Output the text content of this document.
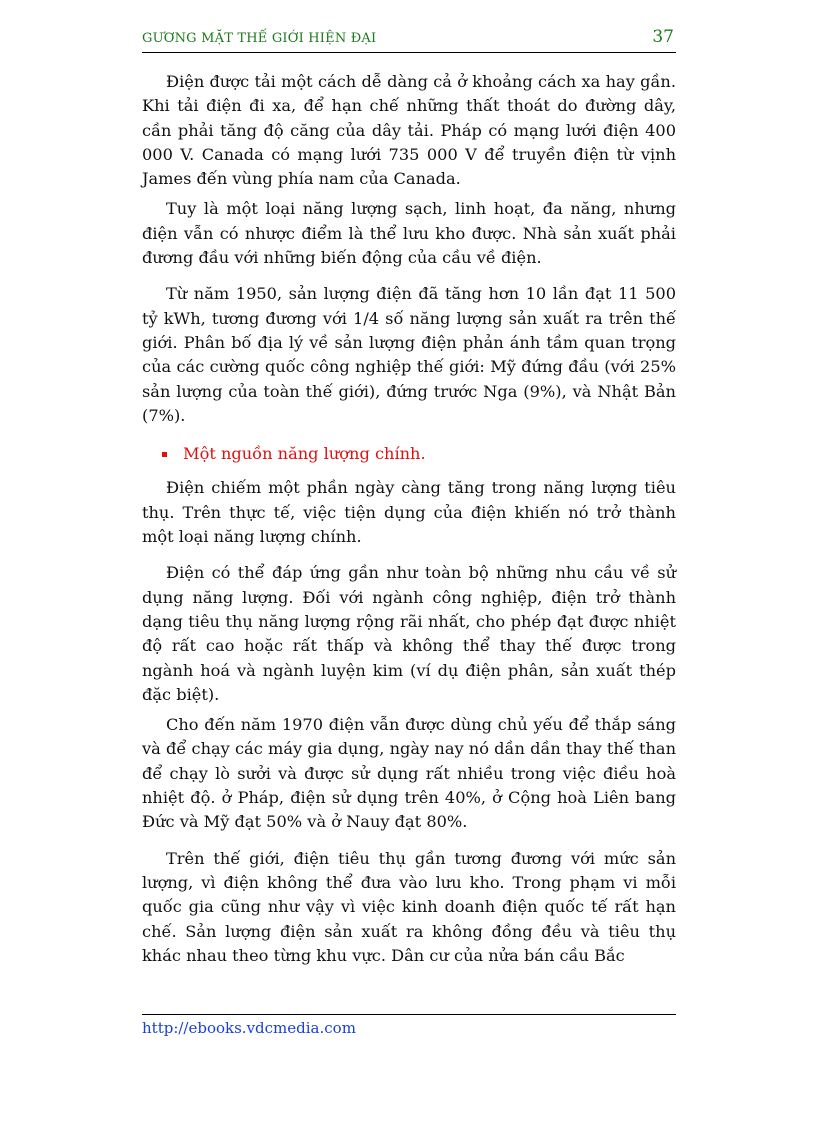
GƯƠNG MẶT THẾ GIỚI HIỆN ĐẠI	37

Điện được tải một cách dễ dàng cả ở khoảng cách xa hay gần. Khi tải điện đi xa, để hạn chế những thất thoát do đường dây, cần phải tăng độ căng của dây tải. Pháp có mạng lưới điện 400 000 V. Canada có mạng lưới 735 000 V để truyền điện từ vịnh James đến vùng phía nam của Canada.

Tuy là một loại năng lượng sạch, linh hoạt, đa năng, nhưng điện vẫn có nhược điểm là thể lưu kho được. Nhà sản xuất phải đương đầu với những biến động của cầu về điện.

Từ năm 1950, sản lượng điện đã tăng hơn 10 lần đạt 11 500 tỷ kWh, tương đương với 1/4 số năng lượng sản xuất ra trên thế giới. Phân bố địa lý về sản lượng điện phản ánh tầm quan trọng của các cường quốc công nghiệp thế giới: Mỹ đứng đầu (với 25% sản lượng của toàn thế giới), đứng trước Nga (9%), và Nhật Bản (7%).

Một nguồn năng lượng chính.

Điện chiếm một phần ngày càng tăng trong năng lượng tiêu thụ. Trên thực tế, việc tiện dụng của điện khiến nó trở thành một loại năng lượng chính.

Điện có thể đáp ứng gần như toàn bộ những nhu cầu về sử dụng năng lượng. Đối với ngành công nghiệp, điện trở thành dạng tiêu thụ năng lượng rộng rãi nhất, cho phép đạt được nhiệt độ rất cao hoặc rất thấp và không thể thay thế được trong ngành hoá và ngành luyện kim (ví dụ điện phân, sản xuất thép đặc biệt).

Cho đến năm 1970 điện vẫn được dùng chủ yếu để thắp sáng và để chạy các máy gia dụng, ngày nay nó dần dần thay thế than để chạy lò sưởi và được sử dụng rất nhiều trong việc điều hoà nhiệt độ. ở Pháp, điện sử dụng trên 40%, ở Cộng hoà Liên bang Đức và Mỹ đạt 50% và ở Nauy đạt 80%.

Trên thế giới, điện tiêu thụ gần tương đương với mức sản lượng, vì điện không thể đưa vào lưu kho. Trong phạm vi mỗi quốc gia cũng như vậy vì việc kinh doanh điện quốc tế rất hạn chế. Sản lượng điện sản xuất ra không đồng đều và tiêu thụ khác nhau theo từng khu vực. Dân cư của nửa bán cầu Bắc

http://ebooks.vdcmedia.com
